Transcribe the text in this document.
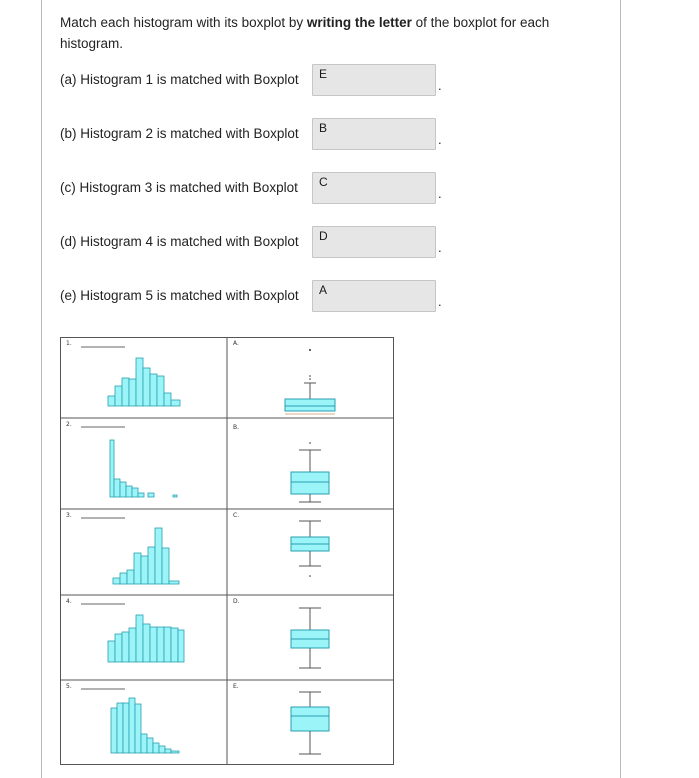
Match each histogram with its boxplot by writing the letter of the boxplot for each histogram.
(a) Histogram 1 is matched with Boxplot E
.
(b) Histogram 2 is matched with Boxplot B
.
(c) Histogram 3 is matched with Boxplot C
.
(d) Histogram 4 is matched with Boxplot D
.
(e) Histogram 5 is matched with Boxplot A
.
1.
2.
3.
4.
5.
A.
B.
C.
D.
E.
